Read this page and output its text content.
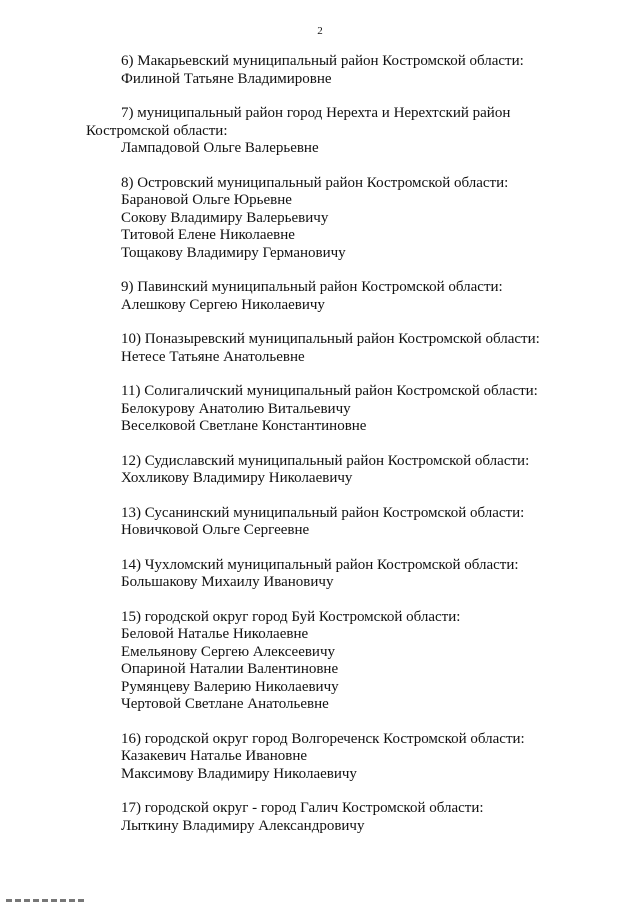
2
6) Макарьевский муниципальный район Костромской области:
Филиной Татьяне Владимировне
7) муниципальный район город Нерехта и Нерехтский район
Костромской области:
Лампадовой Ольге Валерьевне
8) Островский муниципальный район Костромской области:
Барановой Ольге Юрьевне
Сокову Владимиру Валерьевичу
Титовой Елене Николаевне
Тощакову Владимиру Германовичу
9) Павинский муниципальный район Костромской области:
Алешкову Сергею Николаевичу
10) Поназыревский муниципальный район Костромской области:
Нетесе Татьяне Анатольевне
11) Солигаличский муниципальный район Костромской области:
Белокурову Анатолию Витальевичу
Веселковой Светлане Константиновне
12) Судиславский муниципальный район Костромской области:
Хохликову Владимиру Николаевичу
13) Сусанинский муниципальный район Костромской области:
Новичковой Ольге Сергеевне
14) Чухломский муниципальный район Костромской области:
Большакову Михаилу Ивановичу
15) городской округ город Буй Костромской области:
Беловой Наталье Николаевне
Емельянову Сергею Алексеевичу
Опариной Наталии Валентиновне
Румянцеву Валерию Николаевичу
Чертовой Светлане Анатольевне
16) городской округ город Волгореченск Костромской области:
Казакевич Наталье Ивановне
Максимову Владимиру Николаевичу
17) городской округ - город Галич Костромской области:
Лыткину Владимиру Александровичу
